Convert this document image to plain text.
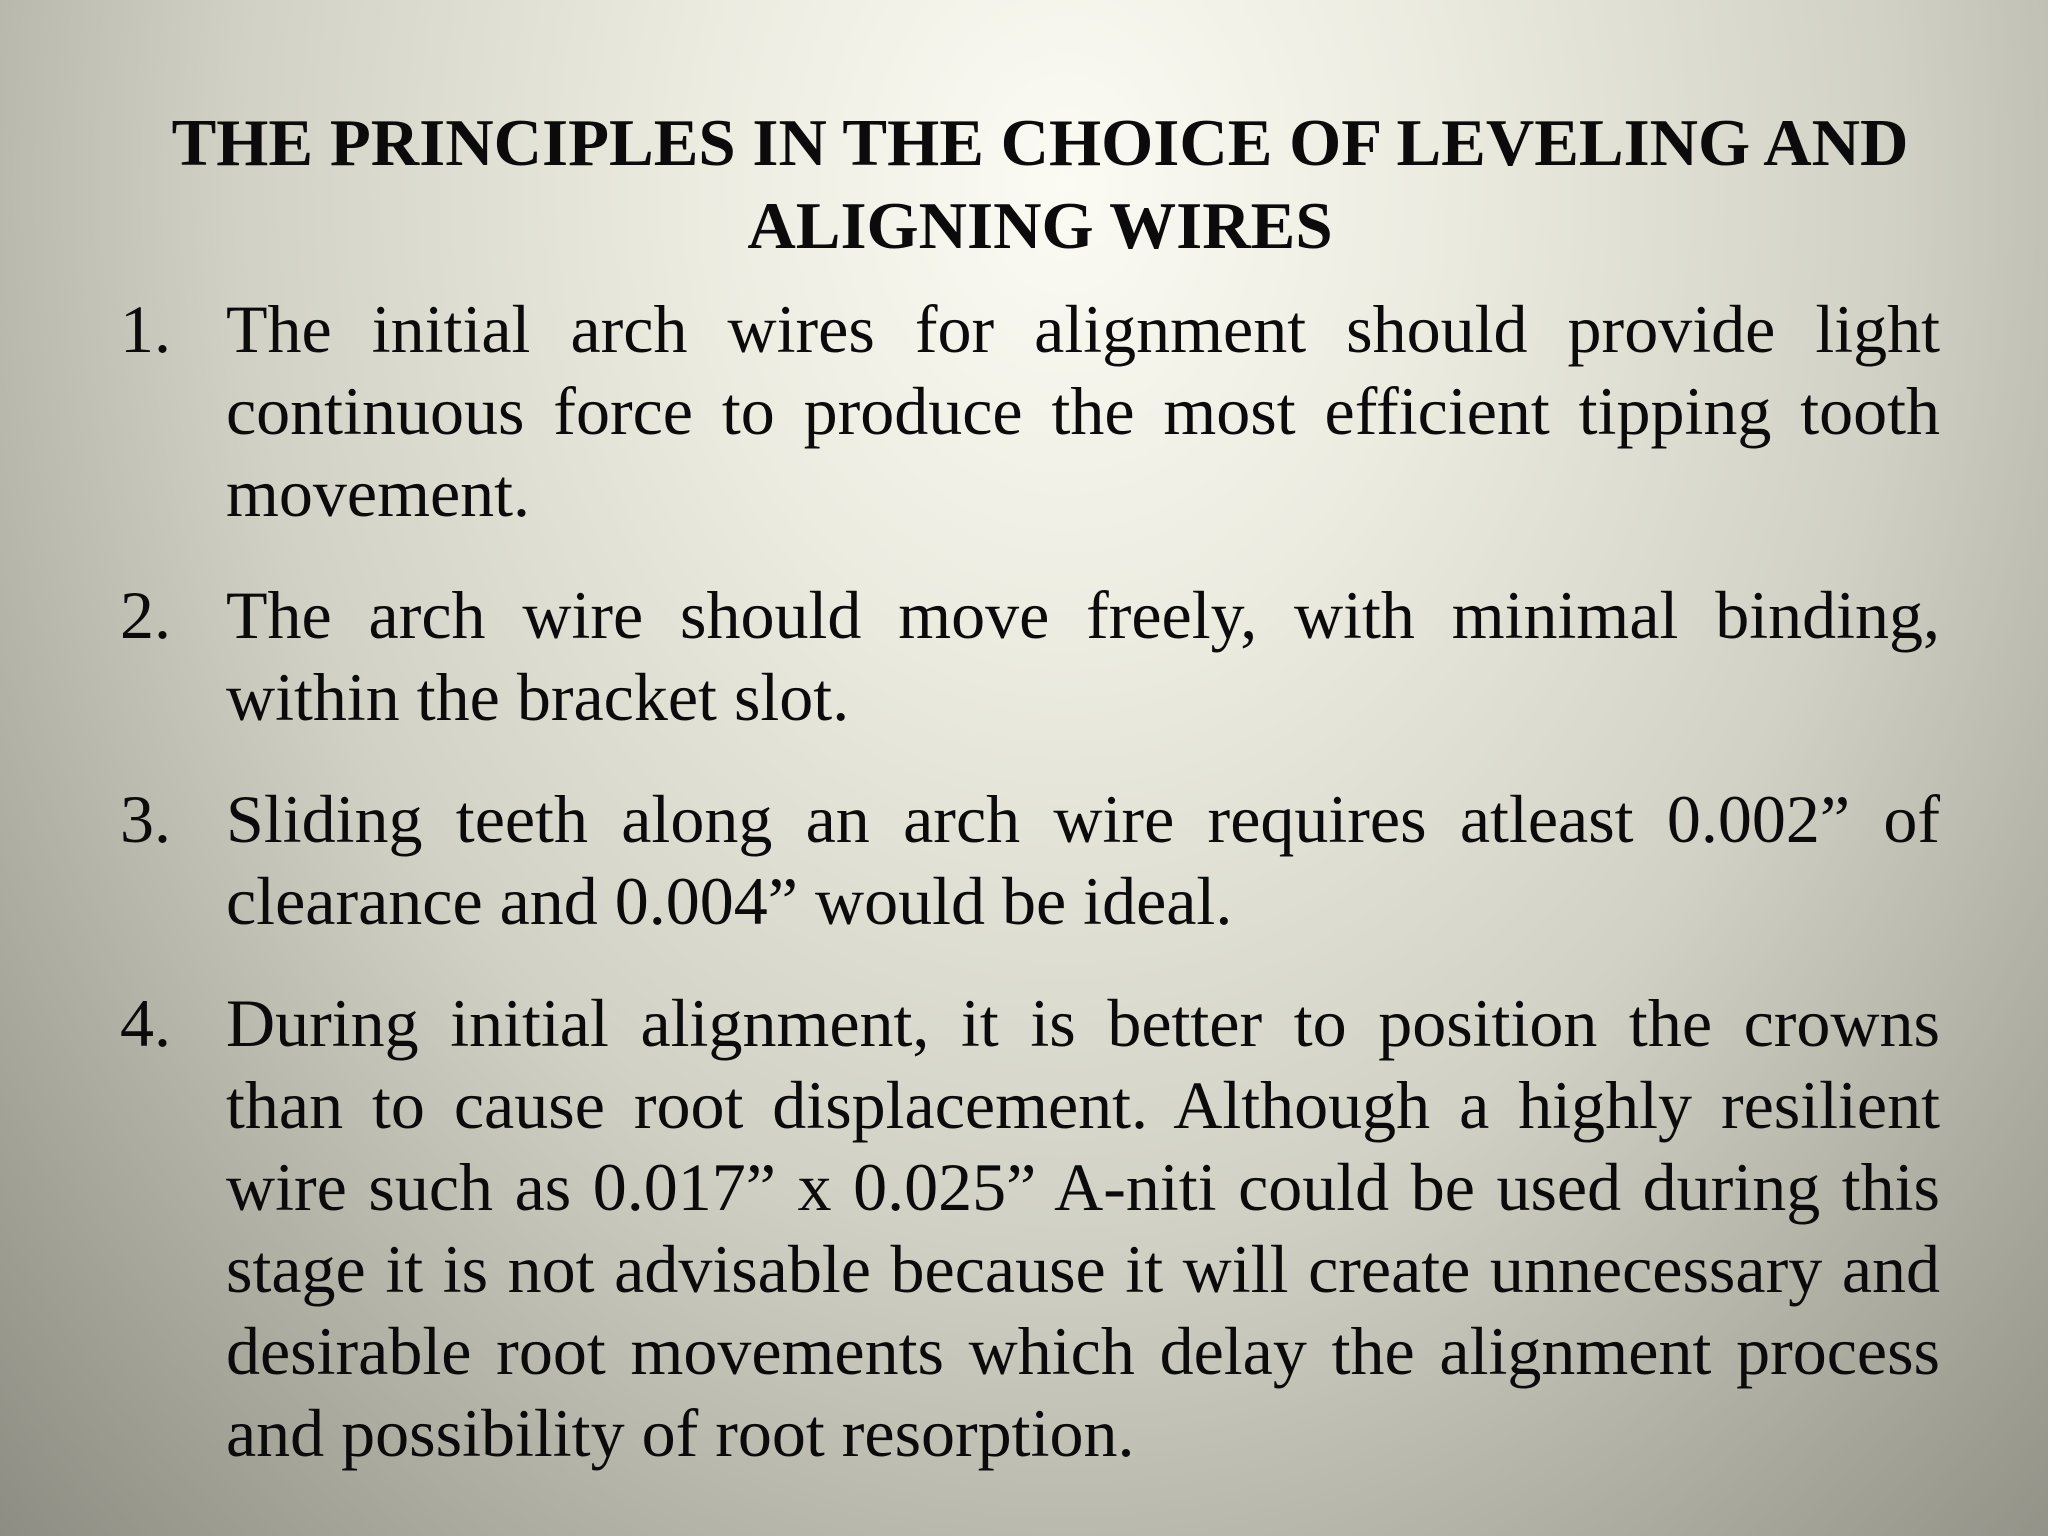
THE PRINCIPLES IN THE CHOICE OF LEVELING AND ALIGNING WIRES
1. The initial arch wires for alignment should provide light continuous force to produce the most efficient tipping tooth movement.
2. The arch wire should move freely, with minimal binding, within the bracket slot.
3. Sliding teeth along an arch wire requires atleast 0.002” of clearance and 0.004” would be ideal.
4. During initial alignment, it is better to position the crowns than to cause root displacement. Although a highly resilient wire such as 0.017” x 0.025” A-niti could be used during this stage it is not advisable because it will create unnecessary and desirable root movements which delay the alignment process and possibility of root resorption.
